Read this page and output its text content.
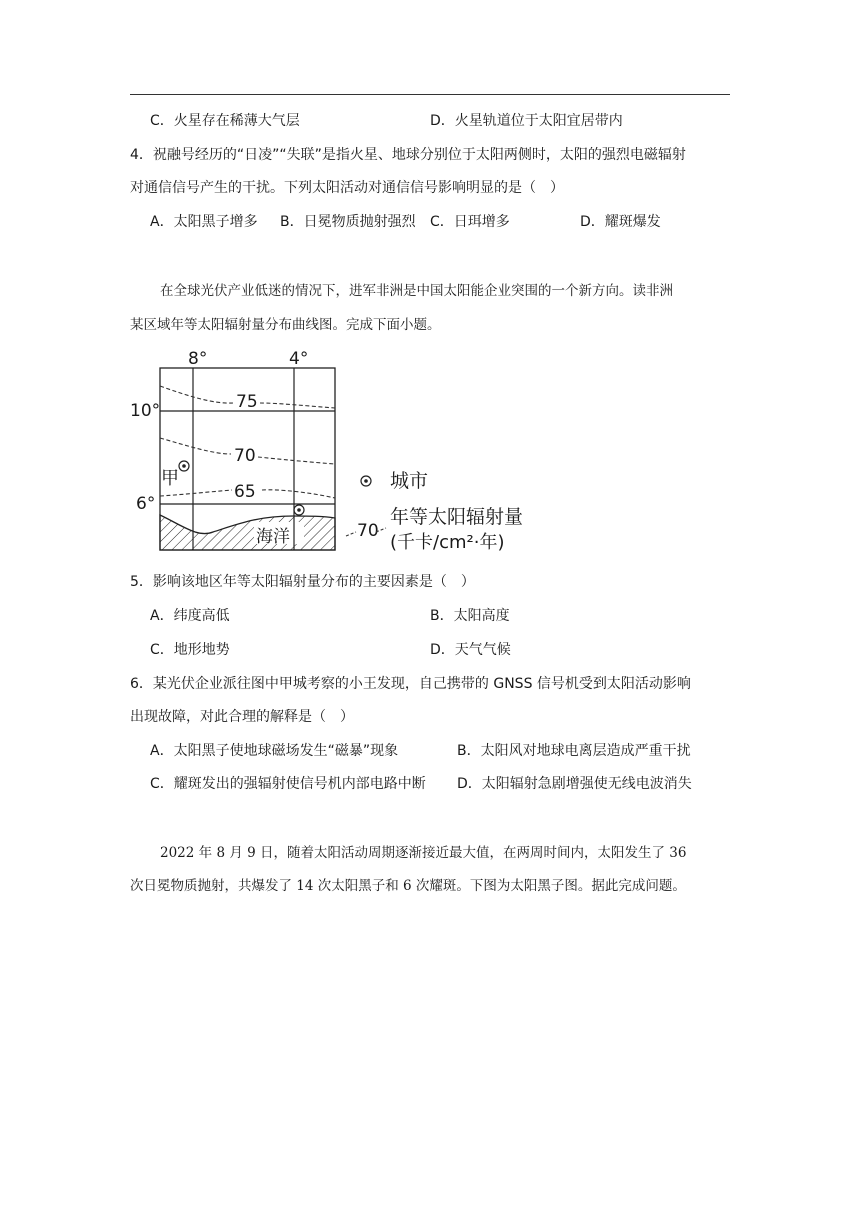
C．火星存在稀薄大气层	D．火星轨道位于太阳宜居带内
4．祝融号经历的“日凌”“失联”是指火星、地球分别位于太阳两侧时，太阳的强烈电磁辐射
对通信信号产生的干扰。下列太阳活动对通信信号影响明显的是（　）
A．太阳黑子增多 B．日冕物质抛射强烈 C．日珥增多	D．耀斑爆发
在全球光伏产业低迷的情况下，进军非洲是中国太阳能企业突围的一个新方向。读非洲
某区域年等太阳辐射量分布曲线图。完成下面小题。
8°	4°
10°
6°
海洋
75
70
65
甲	城市
70
年等太阳辐射量
(千卡/cm²·年)
5．影响该地区年等太阳辐射量分布的主要因素是（　）
A．纬度高低	B．太阳高度
C．地形地势	D．天气气候
6．某光伏企业派往图中甲城考察的小王发现，自己携带的 GNSS 信号机受到太阳活动影响
出现故障，对此合理的解释是（　）
A．太阳黑子使地球磁场发生“磁暴”现象	B．太阳风对地球电离层造成严重干扰
C．耀斑发出的强辐射使信号机内部电路中断 D．太阳辐射急剧增强使无线电波消失
2022 年 8 月 9 日，随着太阳活动周期逐渐接近最大值，在两周时间内，太阳发生了 36
次日冕物质抛射，共爆发了 14 次太阳黑子和 6 次耀斑。下图为太阳黑子图。据此完成问题。
